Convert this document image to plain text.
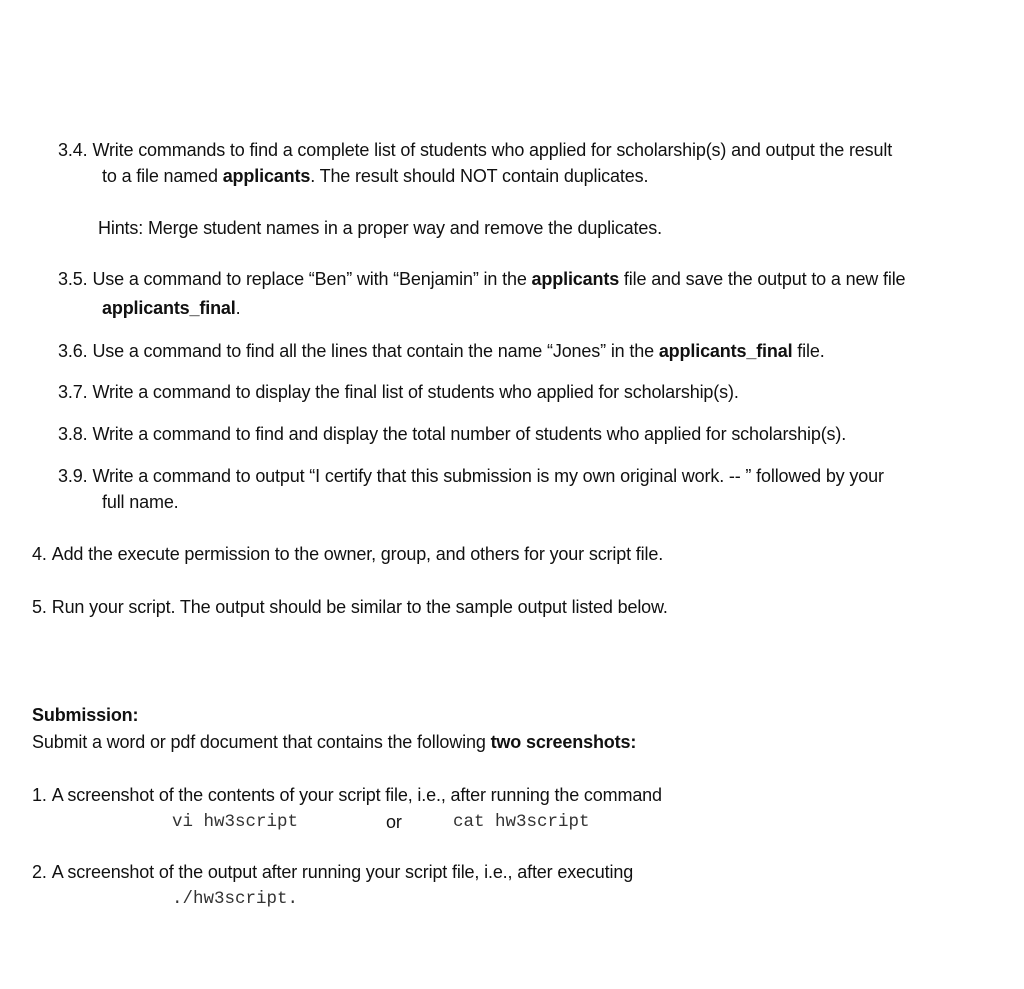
3.4. Write commands to find a complete list of students who applied for scholarship(s) and output the result
to a file named applicants. The result should NOT contain duplicates.
Hints: Merge student names in a proper way and remove the duplicates.
3.5. Use a command to replace “Ben” with “Benjamin” in the applicants file and save the output to a new file
applicants_final.
3.6. Use a command to find all the lines that contain the name “Jones” in the applicants_final file.
3.7. Write a command to display the final list of students who applied for scholarship(s).
3.8. Write a command to find and display the total number of students who applied for scholarship(s).
3.9. Write a command to output “I certify that this submission is my own original work. -- ” followed by your
full name.
4. Add the execute permission to the owner, group, and others for your script file.
5. Run your script. The output should be similar to the sample output listed below.
Submission:
Submit a word or pdf document that contains the following two screenshots:
1. A screenshot of the contents of your script file, i.e., after running the command
vi hw3script	or	cat hw3script
2. A screenshot of the output after running your script file, i.e., after executing
./hw3script.
